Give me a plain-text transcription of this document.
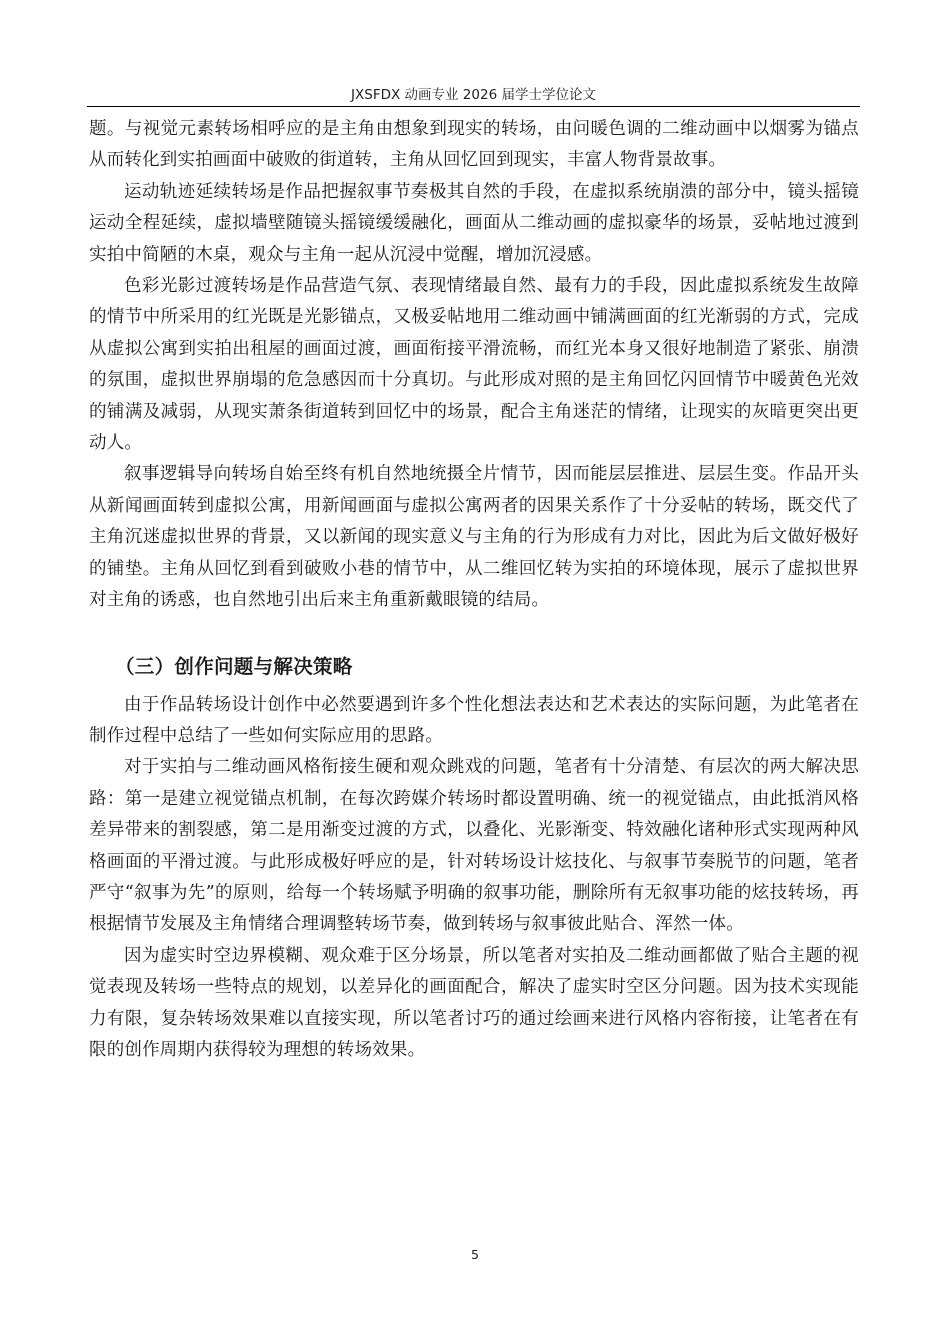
JXSFDX 动画专业 2026 届学士学位论文

题。与视觉元素转场相呼应的是主角由想象到现实的转场，由问暖色调的二维动画中以烟雾为锚点从而转化到实拍画面中破败的街道转，主角从回忆回到现实，丰富人物背景故事。

运动轨迹延续转场是作品把握叙事节奏极其自然的手段，在虚拟系统崩溃的部分中，镜头摇镜运动全程延续，虚拟墙壁随镜头摇镜缓缓融化，画面从二维动画的虚拟豪华的场景，妥帖地过渡到实拍中简陋的木桌，观众与主角一起从沉浸中觉醒，增加沉浸感。

色彩光影过渡转场是作品营造气氛、表现情绪最自然、最有力的手段，因此虚拟系统发生故障的情节中所采用的红光既是光影锚点，又极妥帖地用二维动画中铺满画面的红光渐弱的方式，完成从虚拟公寓到实拍出租屋的画面过渡，画面衔接平滑流畅，而红光本身又很好地制造了紧张、崩溃的氛围，虚拟世界崩塌的危急感因而十分真切。与此形成对照的是主角回忆闪回情节中暖黄色光效的铺满及减弱，从现实萧条街道转到回忆中的场景，配合主角迷茫的情绪，让现实的灰暗更突出更动人。

叙事逻辑导向转场自始至终有机自然地统摄全片情节，因而能层层推进、层层生变。作品开头从新闻画面转到虚拟公寓，用新闻画面与虚拟公寓两者的因果关系作了十分妥帖的转场，既交代了主角沉迷虚拟世界的背景，又以新闻的现实意义与主角的行为形成有力对比，因此为后文做好极好的铺垫。主角从回忆到看到破败小巷的情节中，从二维回忆转为实拍的环境体现，展示了虚拟世界对主角的诱惑，也自然地引出后来主角重新戴眼镜的结局。

（三）创作问题与解决策略

由于作品转场设计创作中必然要遇到许多个性化想法表达和艺术表达的实际问题，为此笔者在制作过程中总结了一些如何实际应用的思路。

对于实拍与二维动画风格衔接生硬和观众跳戏的问题，笔者有十分清楚、有层次的两大解决思路：第一是建立视觉锚点机制，在每次跨媒介转场时都设置明确、统一的视觉锚点，由此抵消风格差异带来的割裂感，第二是用渐变过渡的方式，以叠化、光影渐变、特效融化诸种形式实现两种风格画面的平滑过渡。与此形成极好呼应的是，针对转场设计炫技化、与叙事节奏脱节的问题，笔者严守“叙事为先”的原则，给每一个转场赋予明确的叙事功能，删除所有无叙事功能的炫技转场，再根据情节发展及主角情绪合理调整转场节奏，做到转场与叙事彼此贴合、浑然一体。

因为虚实时空边界模糊、观众难于区分场景，所以笔者对实拍及二维动画都做了贴合主题的视觉表现及转场一些特点的规划，以差异化的画面配合，解决了虚实时空区分问题。因为技术实现能力有限，复杂转场效果难以直接实现，所以笔者讨巧的通过绘画来进行风格内容衔接，让笔者在有限的创作周期内获得较为理想的转场效果。

5
